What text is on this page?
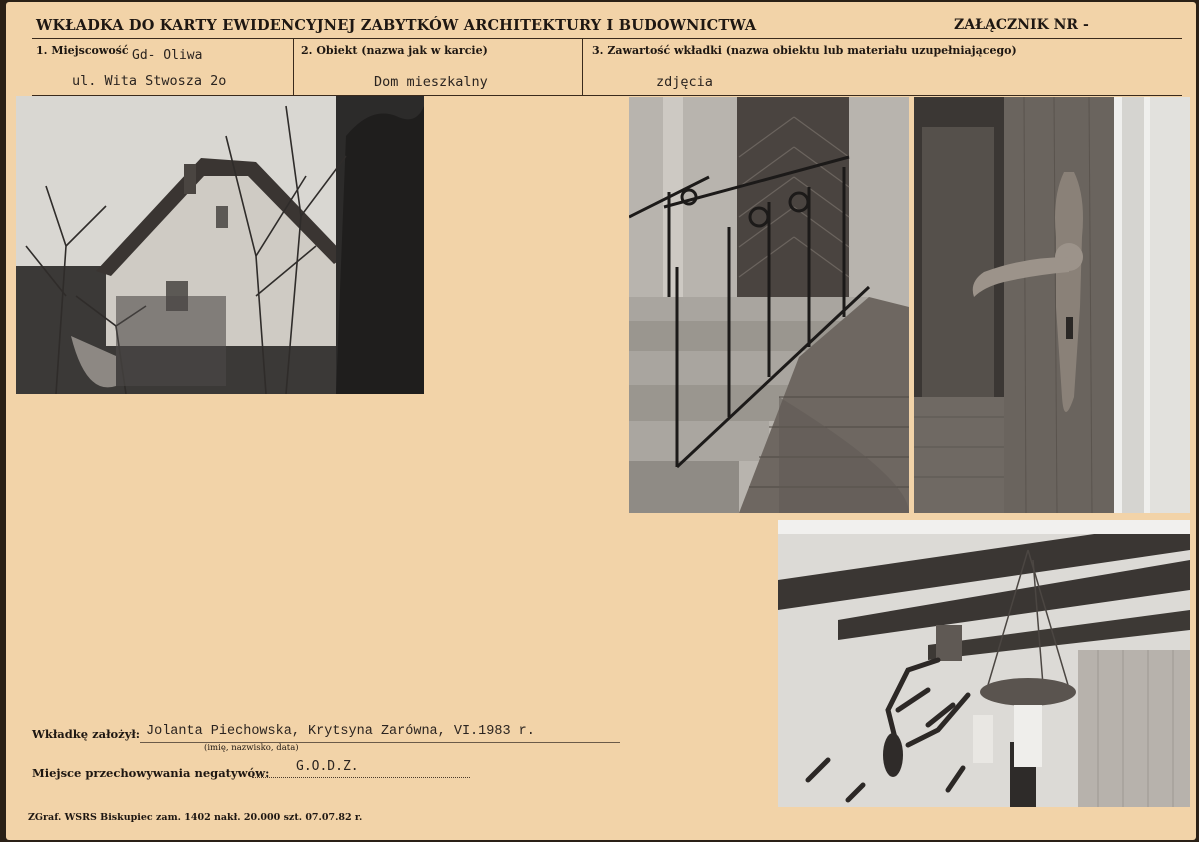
WKŁADKA DO KARTY EWIDENCYJNEJ ZABYTKÓW ARCHITEKTURY I BUDOWNICTWA	ZAŁĄCZNIK NR -
1. Miejscowość Gd- Oliwa
ul. Wita Stwosza 2o
2. Obiekt (nazwa jak w karcie)
Dom mieszkalny
3. Zawartość wkładki (nazwa obiektu lub materiału uzupełniającego)
zdjęcia
Wkładkę założył: Jolanta Piechowska, Krytsyna Zarówna, VI.1983 r.
(imię, nazwisko, data)
Miejsce przechowywania negatywów: G.O.D.Z.
ZGraf. WSRS Biskupiec zam. 1402 nakł. 20.000 szt. 07.07.82 r.
